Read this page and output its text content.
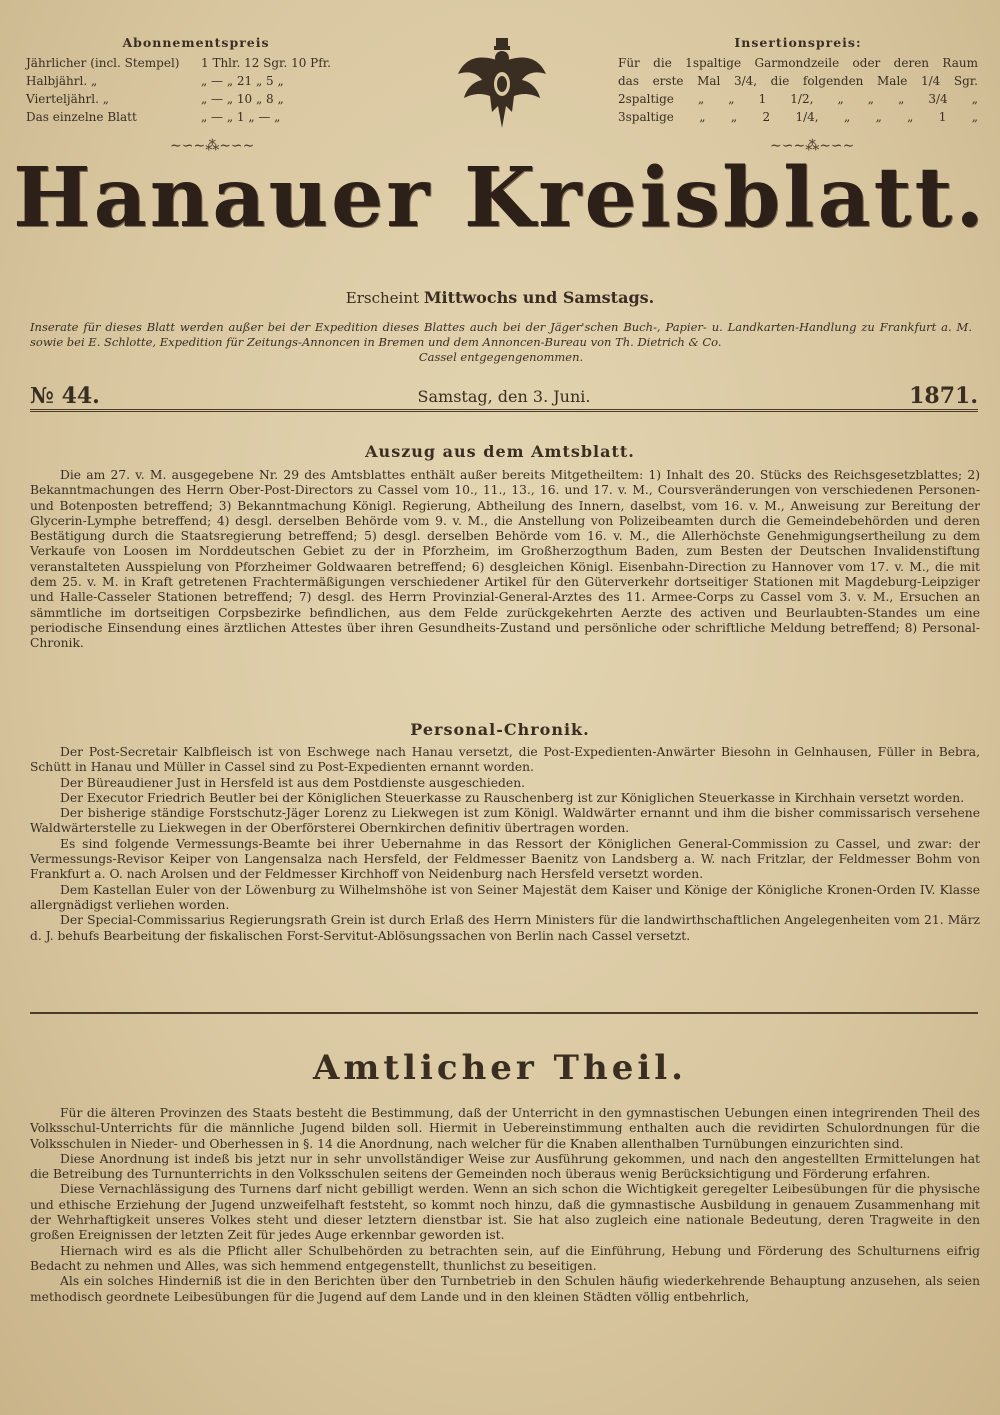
Abonnementspreis
Jährlicher (incl. Stempel)	1 Thlr. 12 Sgr. 10 Pfr.
Halbjährl. „	„ — „ 21 „ 5 „
Vierteljährl. „	„ — „ 10 „ 8 „
Das einzelne Blatt	„ — „ 1 „ — „
Insertionspreis:
Für die 1spaltige Garmondzeile oder deren Raum
das erste Mal 3/4, die folgenden Male 1/4 Sgr.
2spaltige „ „ 1 1/2, „ „ „ 3/4 „
3spaltige „ „ 2 1/4, „ „ „ 1 „
∼∽∼⁂∼∽∼	∼∽∼⁂∼∽∼
Hanauer Kreisblatt.
Erscheint Mittwochs und Samstags.
Inserate für dieses Blatt werden außer bei der Expedition dieses Blattes auch bei der Jäger'schen Buch-, Papier- u. Landkarten-Handlung zu Frankfurt a. M. sowie bei E. Schlotte, Expedition für Zeitungs-Annoncen in Bremen und dem Annoncen-Bureau von Th. Dietrich & Co.
Cassel entgegengenommen.
№ 44.	Samstag, den 3. Juni.	1871.
Auszug aus dem Amtsblatt.

Die am 27. v. M. ausgegebene Nr. 29 des Amtsblattes enthält außer bereits Mitgetheiltem: 1) Inhalt des 20. Stücks des Reichsgesetzblattes; 2) Bekanntmachungen des Herrn Ober-Post-Directors zu Cassel vom 10., 11., 13., 16. und 17. v. M., Coursveränderungen von verschiedenen Personen- und Botenposten betreffend; 3) Bekanntmachung Königl. Regierung, Abtheilung des Innern, daselbst, vom 16. v. M., Anweisung zur Bereitung der Glycerin-Lymphe betreffend; 4) desgl. derselben Behörde vom 9. v. M., die Anstellung von Polizeibeamten durch die Gemeindebehörden und deren Bestätigung durch die Staatsregierung betreffend; 5) desgl. derselben Behörde vom 16. v. M., die Allerhöchste Genehmigungsertheilung zu dem Verkaufe von Loosen im Norddeutschen Gebiet zu der in Pforzheim, im Großherzogthum Baden, zum Besten der Deutschen Invalidenstiftung veranstalteten Ausspielung von Pforzheimer Goldwaaren betreffend; 6) desgleichen Königl. Eisenbahn-Direction zu Hannover vom 17. v. M., die mit dem 25. v. M. in Kraft getretenen Frachtermäßigungen verschiedener Artikel für den Güterverkehr dortseitiger Stationen mit Magdeburg-Leipziger und Halle-Casseler Stationen betreffend; 7) desgl. des Herrn Provinzial-General-Arztes des 11. Armee-Corps zu Cassel vom 3. v. M., Ersuchen an sämmtliche im dortseitigen Corpsbezirke befindlichen, aus dem Felde zurückgekehrten Aerzte des activen und Beurlaubten-Standes um eine periodische Einsendung eines ärztlichen Attestes über ihren Gesundheits-Zustand und persönliche oder schriftliche Meldung betreffend; 8) Personal-Chronik.

Personal-Chronik.

Der Post-Secretair Kalbfleisch ist von Eschwege nach Hanau versetzt, die Post-Expedienten-Anwärter Biesohn in Gelnhausen, Füller in Bebra, Schütt in Hanau und Müller in Cassel sind zu Post-Expedienten ernannt worden.

Der Büreaudiener Just in Hersfeld ist aus dem Postdienste ausgeschieden.

Der Executor Friedrich Beutler bei der Königlichen Steuerkasse zu Rauschenberg ist zur Königlichen Steuerkasse in Kirchhain versetzt worden.

Der bisherige ständige Forstschutz-Jäger Lorenz zu Liekwegen ist zum Königl. Waldwärter ernannt und ihm die bisher commissarisch versehene Waldwärterstelle zu Liekwegen in der Oberförsterei Obernkirchen definitiv übertragen worden.

Es sind folgende Vermessungs-Beamte bei ihrer Uebernahme in das Ressort der Königlichen General-Commission zu Cassel, und zwar: der Vermessungs-Revisor Keiper von Langensalza nach Hersfeld, der Feldmesser Baenitz von Landsberg a. W. nach Fritzlar, der Feldmesser Bohm von Frankfurt a. O. nach Arolsen und der Feldmesser Kirchhoff von Neidenburg nach Hersfeld versetzt worden.

Dem Kastellan Euler von der Löwenburg zu Wilhelmshöhe ist von Seiner Majestät dem Kaiser und Könige der Königliche Kronen-Orden IV. Klasse allergnädigst verliehen worden.

Der Special-Commissarius Regierungsrath Grein ist durch Erlaß des Herrn Ministers für die landwirthschaftlichen Angelegenheiten vom 21. März d. J. behufs Bearbeitung der fiskalischen Forst-Servitut-Ablösungssachen von Berlin nach Cassel versetzt.

Amtlicher Theil.

Für die älteren Provinzen des Staats besteht die Bestimmung, daß der Unterricht in den gymnastischen Uebungen einen integrirenden Theil des Volksschul-Unterrichts für die männliche Jugend bilden soll. Hiermit in Uebereinstimmung enthalten auch die revidirten Schulordnungen für die Volksschulen in Nieder- und Oberhessen in §. 14 die Anordnung, nach welcher für die Knaben allenthalben Turnübungen einzurichten sind.

Diese Anordnung ist indeß bis jetzt nur in sehr unvollständiger Weise zur Ausführung gekommen, und nach den angestellten Ermittelungen hat die Betreibung des Turnunterrichts in den Volksschulen seitens der Gemeinden noch überaus wenig Berücksichtigung und Förderung erfahren.

Diese Vernachlässigung des Turnens darf nicht gebilligt werden. Wenn an sich schon die Wichtigkeit geregelter Leibesübungen für die physische und ethische Erziehung der Jugend unzweifelhaft feststeht, so kommt noch hinzu, daß die gymnastische Ausbildung in genauem Zusammenhang mit der Wehrhaftigkeit unseres Volkes steht und dieser letztern dienstbar ist. Sie hat also zugleich eine nationale Bedeutung, deren Tragweite in den großen Ereignissen der letzten Zeit für jedes Auge erkennbar geworden ist.

Hiernach wird es als die Pflicht aller Schulbehörden zu betrachten sein, auf die Einführung, Hebung und Förderung des Schulturnens eifrig Bedacht zu nehmen und Alles, was sich hemmend entgegenstellt, thunlichst zu beseitigen.

Als ein solches Hinderniß ist die in den Berichten über den Turnbetrieb in den Schulen häufig wiederkehrende Behauptung anzusehen, als seien methodisch geordnete Leibesübungen für die Jugend auf dem Lande und in den kleinen Städten völlig entbehrlich,
